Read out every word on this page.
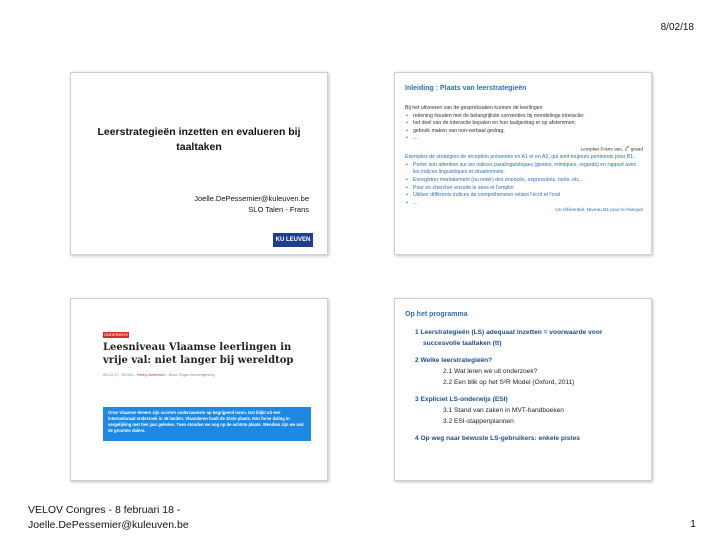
8/02/18
Leerstrategieën inzetten en evalueren bij taaltaken
Joelle.DePessemier@kuleuven.be
SLO Talen - Frans
KU LEUVEN
Inleiding : Plaats van leerstrategieën
Bij het uitvoeren van de gespreksaken kunnen de leerlingen
▪ rekening houden met de belangrijkste conventies bij mondelinge interactie;
▪ het doel van de interactie bepalen en hun taalgedrag er op afstemmen;
▪ gebruik maken van non-verbaal gedrag;
▪ …
Leerplan Frans aso, 2e graad
Exemples de stratégies de réception présentés en A1 et en A2, qui sont toujours pertinents pour B1:
▪ Porter son attention sur les indices paralinguistiques (gestes, mimiques, regards) en rapport avec les indices linguistiques et situationnels;
▪ Enregistrer mentalement (ou noter) des énoncés, expressions, mots, etc.,
▪ Pour en chercher ensuite le sens et l'emploi
▪ Utiliser différents indices de compréhension reliant l'écrit et l'oral
▪ …
Un référentiel, Niveau B1 pour le français
ONDERWIJS
Leesniveau Vlaamse leerlingen in vrije val: niet langer bij wereldtop
05-12-17, 05:00u - Remy Amkreutz - Bron: Eigen berichtgeving
Onze Vlaamse tieners zijn scorren onderzaamste op begrijpend lezen. Dat blijkt uit een internationaal onderzoek in 45 landen. Vlaanderen haalt de 32ste plaats. Een forse daling in vergelijking met tien jaar geleden. Toen stonden we nog op de achtste plaats. Wendien zijn we ook de grootste dalers.
Op het programma
1 Leerstrategieën (LS) adequaat inzetten = voorwaarde voor
succesvolle taaltaken (tt)
2 Welke leerstrategieën?
2.1 Wat leren we uit onderzoek?
2.2 Een blik op het S²R Model (Oxford, 2011)
3 Expliciet LS-onderwijs (ESI)
3.1 Stand van zaken in MVT-handboeken
3.2 ESI-stappenplannen
4 Op weg naar bewuste LS-gebruikers: enkele pistes
VELOV Congres - 8 februari 18 -
Joelle.DePessemier@kuleuven.be	1
